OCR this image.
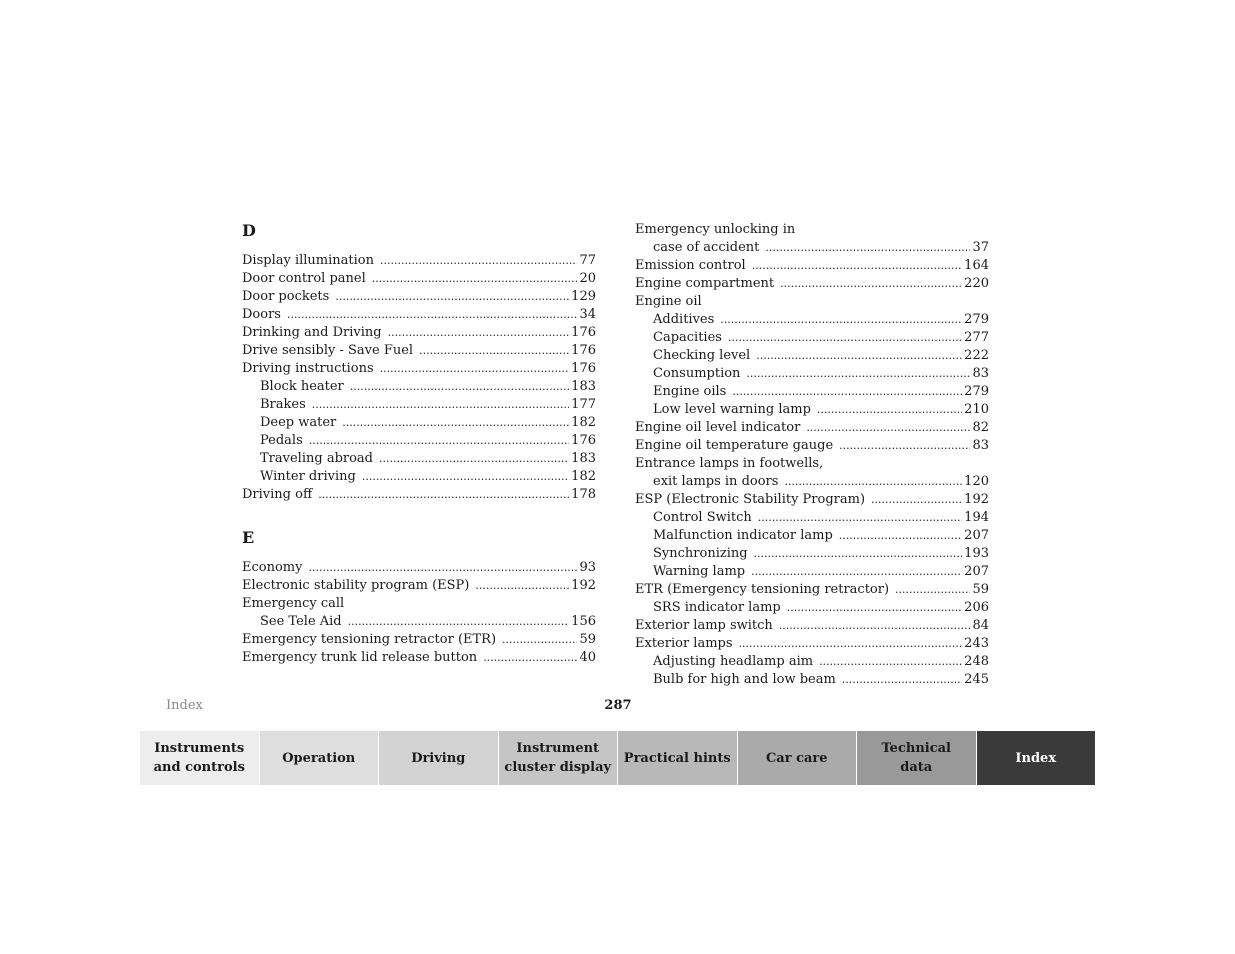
D
Display illumination .....	77
Door control panel .....	20
Door pockets .....	129
Doors .....	34
Drinking and Driving .....	176
Drive sensibly - Save Fuel .....	176
Driving instructions .....	176
Block heater .....	183
Brakes .....	177
Deep water .....	182
Pedals .....	176
Traveling abroad .....	183
Winter driving .....	182
Driving off .....	178
E
Economy .....	93
Electronic stability program (ESP) .....	192
Emergency call
See Tele Aid .....	156
Emergency tensioning retractor (ETR) .....	59
Emergency trunk lid release button .....	40
Emergency unlocking in
case of accident .....	37
Emission control .....	164
Engine compartment .....	220
Engine oil
Additives .....	279
Capacities .....	277
Checking level .....	222
Consumption .....	83
Engine oils .....	279
Low level warning lamp .....	210
Engine oil level indicator .....	82
Engine oil temperature gauge .....	83
Entrance lamps in footwells,
exit lamps in doors .....	120
ESP (Electronic Stability Program) .....	192
Control Switch .....	194
Malfunction indicator lamp .....	207
Synchronizing .....	193
Warning lamp .....	207
ETR (Emergency tensioning retractor) .....	59
SRS indicator lamp .....	206
Exterior lamp switch .....	84
Exterior lamps .....	243
Adjusting headlamp aim .....	248
Bulb for high and low beam .....	245
Index	287
Instruments
and controls
Operation	Driving
Instrument
cluster display
Practical hints	Car care
Technical
data
Index
